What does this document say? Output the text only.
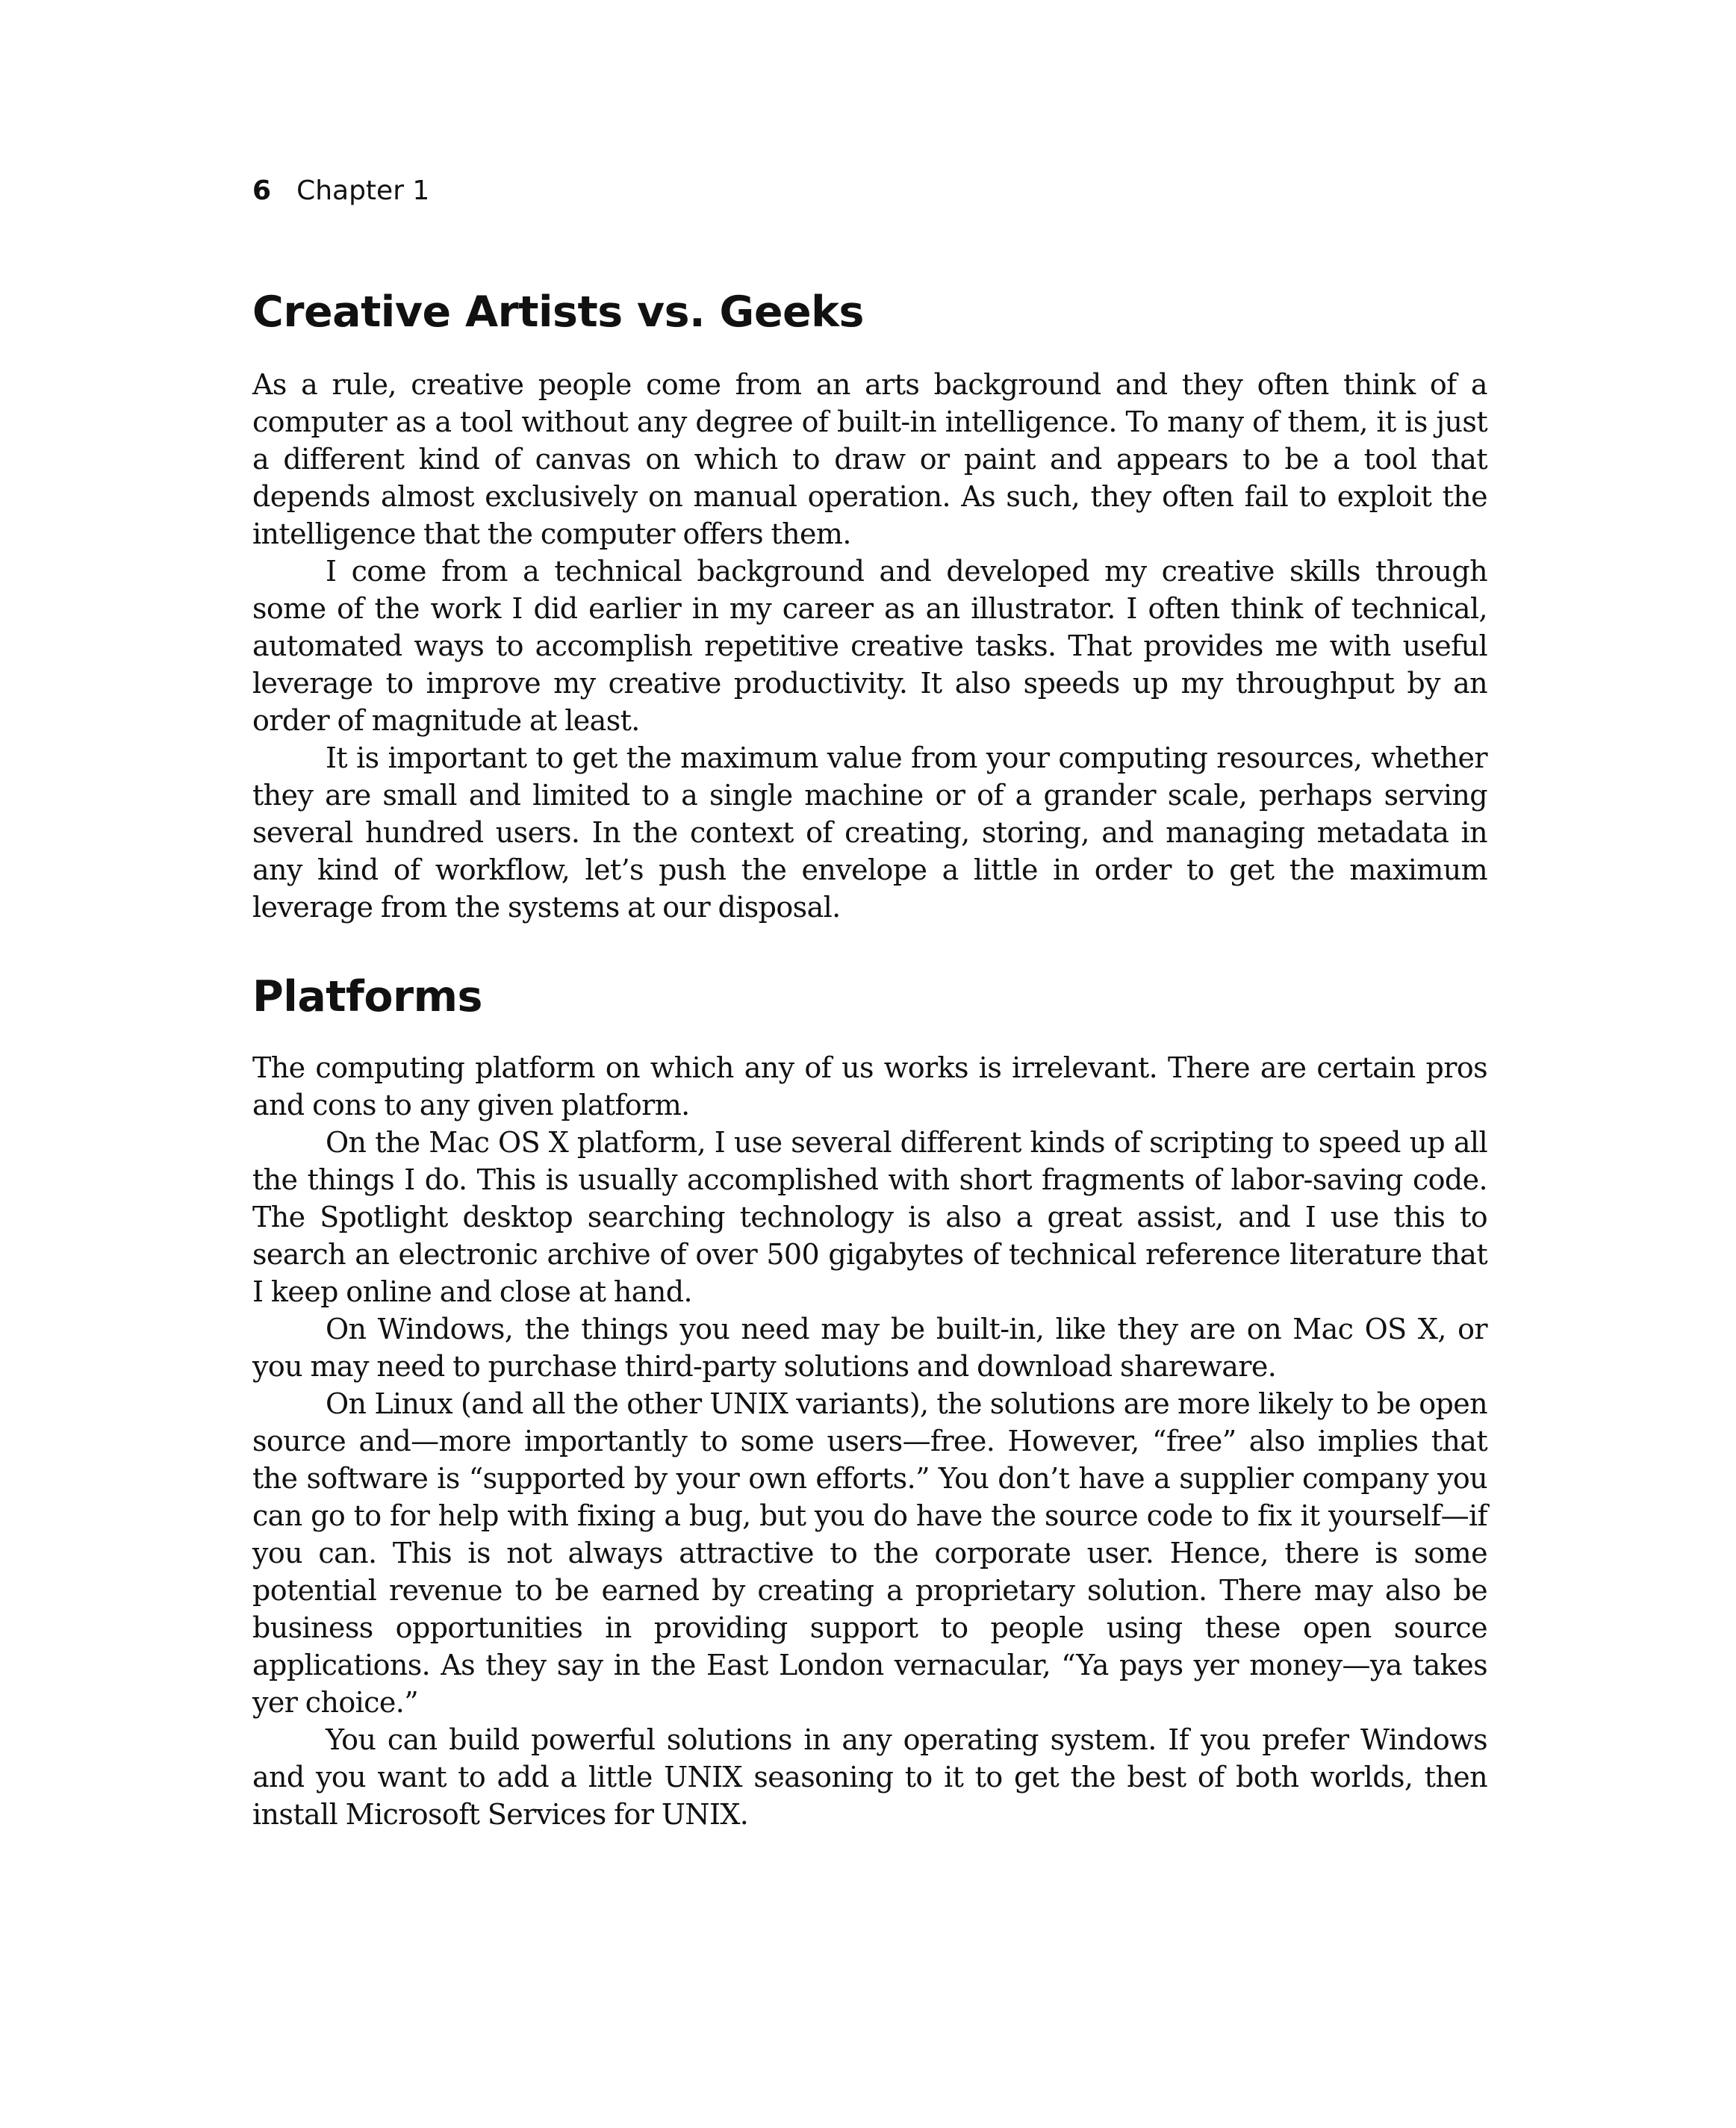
6 Chapter 1
Creative Artists vs. Geeks

As a rule, creative people come from an arts background and they often think of a computer as a tool without any degree of built-in intelligence. To many of them, it is just a different kind of canvas on which to draw or paint and appears to be a tool that depends almost exclusively on manual operation. As such, they often fail to exploit the intelligence that the computer offers them.

I come from a technical background and developed my creative skills through some of the work I did earlier in my career as an illustrator. I often think of technical, automated ways to accomplish repetitive creative tasks. That provides me with useful leverage to improve my creative productivity. It also speeds up my throughput by an order of magnitude at least.

It is important to get the maximum value from your computing resources, whether they are small and limited to a single machine or of a grander scale, perhaps serving several hundred users. In the context of creating, storing, and managing metadata in any kind of workflow, let’s push the envelope a little in order to get the maximum leverage from the systems at our disposal.

Platforms

The computing platform on which any of us works is irrelevant. There are certain pros and cons to any given platform.

On the Mac OS X platform, I use several different kinds of scripting to speed up all the things I do. This is usually accomplished with short fragments of labor-saving code. The Spotlight desktop searching technology is also a great assist, and I use this to search an electronic archive of over 500 gigabytes of technical reference literature that I keep online and close at hand.

On Windows, the things you need may be built-in, like they are on Mac OS X, or you may need to purchase third-party solutions and download shareware.

On Linux (and all the other UNIX variants), the solutions are more likely to be open source and—more importantly to some users—free. However, “free” also implies that the software is “supported by your own efforts.” You don’t have a supplier company you can go to for help with fixing a bug, but you do have the source code to fix it yourself—if you can. This is not always attractive to the corporate user. Hence, there is some potential revenue to be earned by creating a proprietary solution. There may also be business opportunities in providing support to people using these open source applications. As they say in the East London vernacular, “Ya pays yer money—ya takes yer choice.”

You can build powerful solutions in any operating system. If you prefer Windows and you want to add a little UNIX seasoning to it to get the best of both worlds, then install Microsoft Services for UNIX.
